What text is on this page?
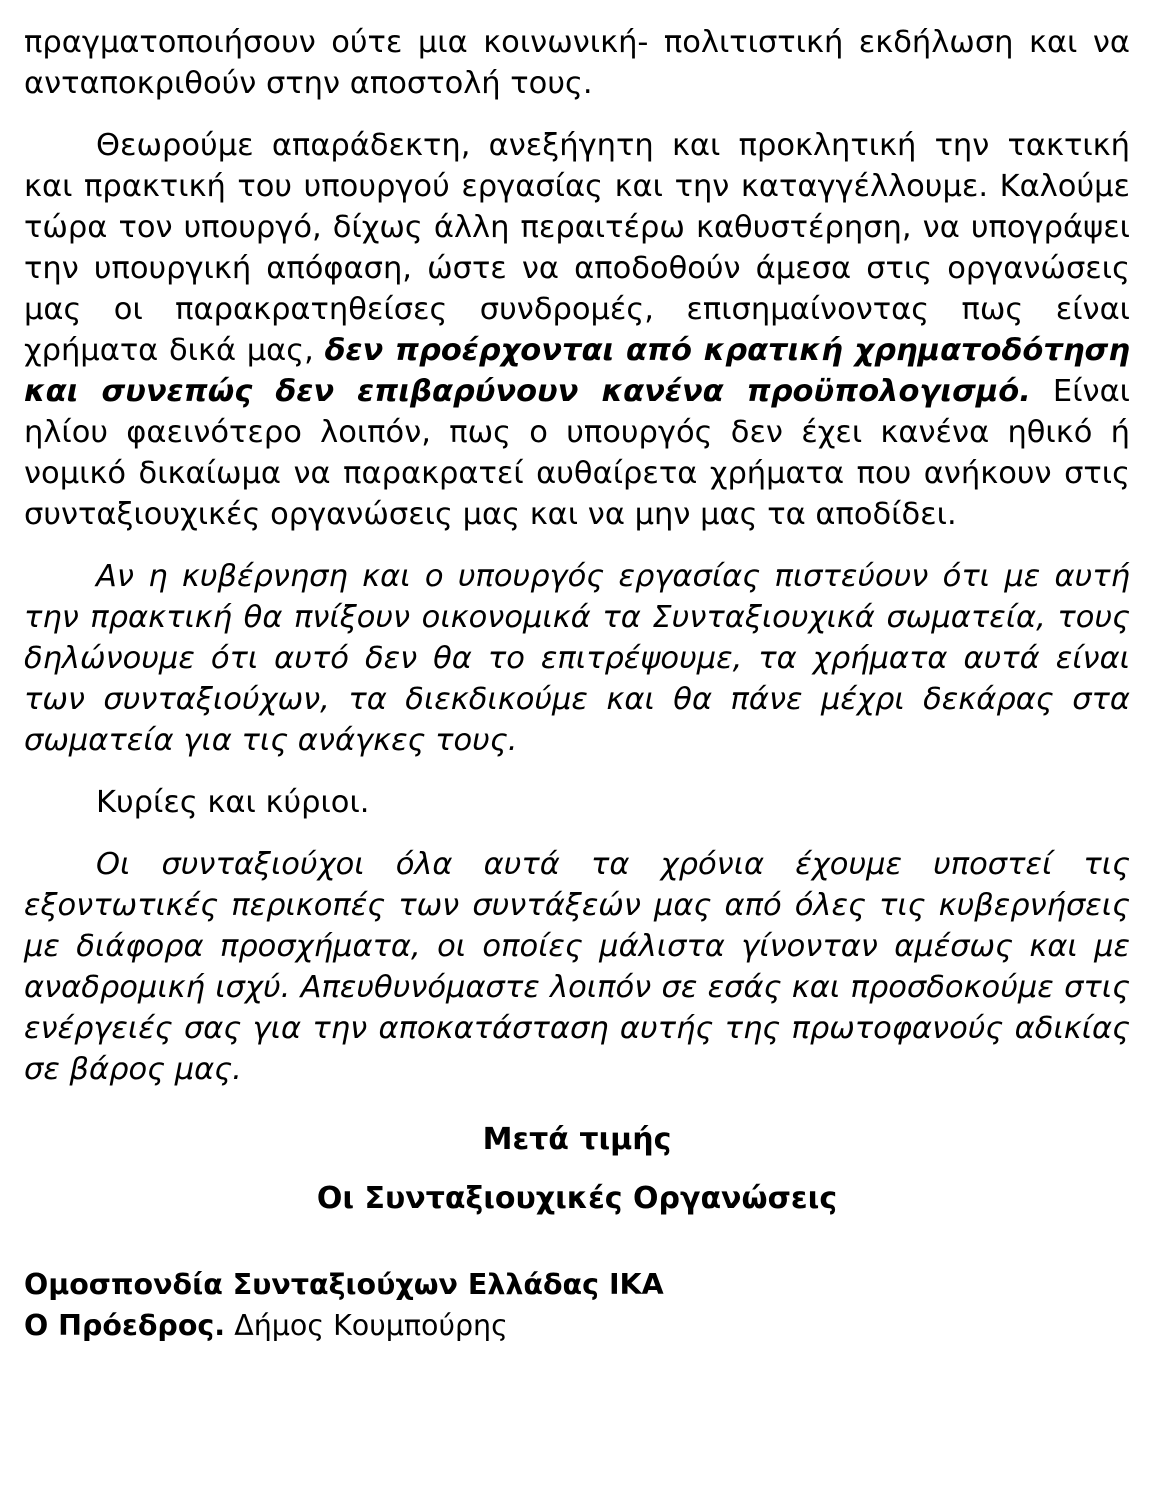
πραγματοποιήσουν ούτε μια κοινωνική- πολιτιστική εκδήλωση και να ανταποκριθούν στην αποστολή τους.

Θεωρούμε απαράδεκτη, ανεξήγητη και προκλητική την τακτική και πρακτική του υπουργού εργασίας και την καταγγέλλουμε. Καλούμε τώρα τον υπουργό, δίχως άλλη περαιτέρω καθυστέρηση, να υπογράψει την υπουργική απόφαση, ώστε να αποδοθούν άμεσα στις οργανώσεις μας οι παρακρατηθείσες συνδρομές, επισημαίνοντας πως είναι χρήματα δικά μας, δεν προέρχονται από κρατική χρηματοδότηση και συνεπώς δεν επιβαρύνουν κανένα προϋπολογισμό. Είναι ηλίου φαεινότερο λοιπόν, πως ο υπουργός δεν έχει κανένα ηθικό ή νομικό δικαίωμα να παρακρατεί αυθαίρετα χρήματα που ανήκουν στις συνταξιουχικές οργανώσεις μας και να μην μας τα αποδίδει.

Αν η κυβέρνηση και ο υπουργός εργασίας πιστεύουν ότι με αυτή την πρακτική θα πνίξουν οικονομικά τα Συνταξιουχικά σωματεία, τους δηλώνουμε ότι αυτό δεν θα το επιτρέψουμε, τα χρήματα αυτά είναι των συνταξιούχων, τα διεκδικούμε και θα πάνε μέχρι δεκάρας στα σωματεία για τις ανάγκες τους.

Κυρίες και κύριοι.

Οι συνταξιούχοι όλα αυτά τα χρόνια έχουμε υποστεί τις εξοντωτικές περικοπές των συντάξεών μας από όλες τις κυβερνήσεις με διάφορα προσχήματα, οι οποίες μάλιστα γίνονταν αμέσως και με αναδρομική ισχύ. Απευθυνόμαστε λοιπόν σε εσάς και προσδοκούμε στις ενέργειές σας για την αποκατάσταση αυτής της πρωτοφανούς αδικίας σε βάρος μας.

Μετά τιμής
Οι Συνταξιουχικές Οργανώσεις
Ομοσπονδία Συνταξιούχων Ελλάδας ΙΚΑ
Ο Πρόεδρος. Δήμος Κουμπούρης
